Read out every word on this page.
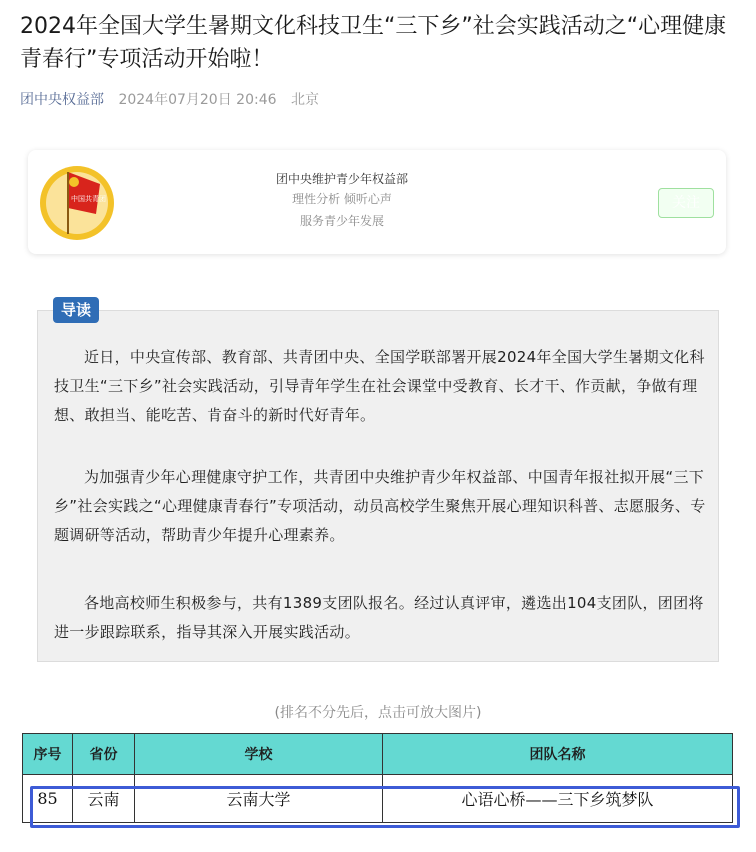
2024年全国大学生暑期文化科技卫生“三下乡”社会实践活动之“心理健康青春行”专项活动开始啦！
团中央权益部 2024年07月20日 20:46 北京
中国共青团
团中央维护青少年权益部
理性分析 倾听心声
服务青少年发展
关注
导读

近日，中央宣传部、教育部、共青团中央、全国学联部署开展2024年全国大学生暑期文化科技卫生“三下乡”社会实践活动，引导青年学生在社会课堂中受教育、长才干、作贡献，争做有理想、敢担当、能吃苦、肯奋斗的新时代好青年。

为加强青少年心理健康守护工作，共青团中央维护青少年权益部、中国青年报社拟开展“三下乡”社会实践之“心理健康青春行”专项活动，动员高校学生聚焦开展心理知识科普、志愿服务、专题调研等活动，帮助青少年提升心理素养。

各地高校师生积极参与，共有1389支团队报名。经过认真评审，遴选出104支团队，团团将进一步跟踪联系，指导其深入开展实践活动。

(排名不分先后，点击可放大图片)
序号	省份	学校	团队名称
85	云南	云南大学	心语心桥——三下乡筑梦队
